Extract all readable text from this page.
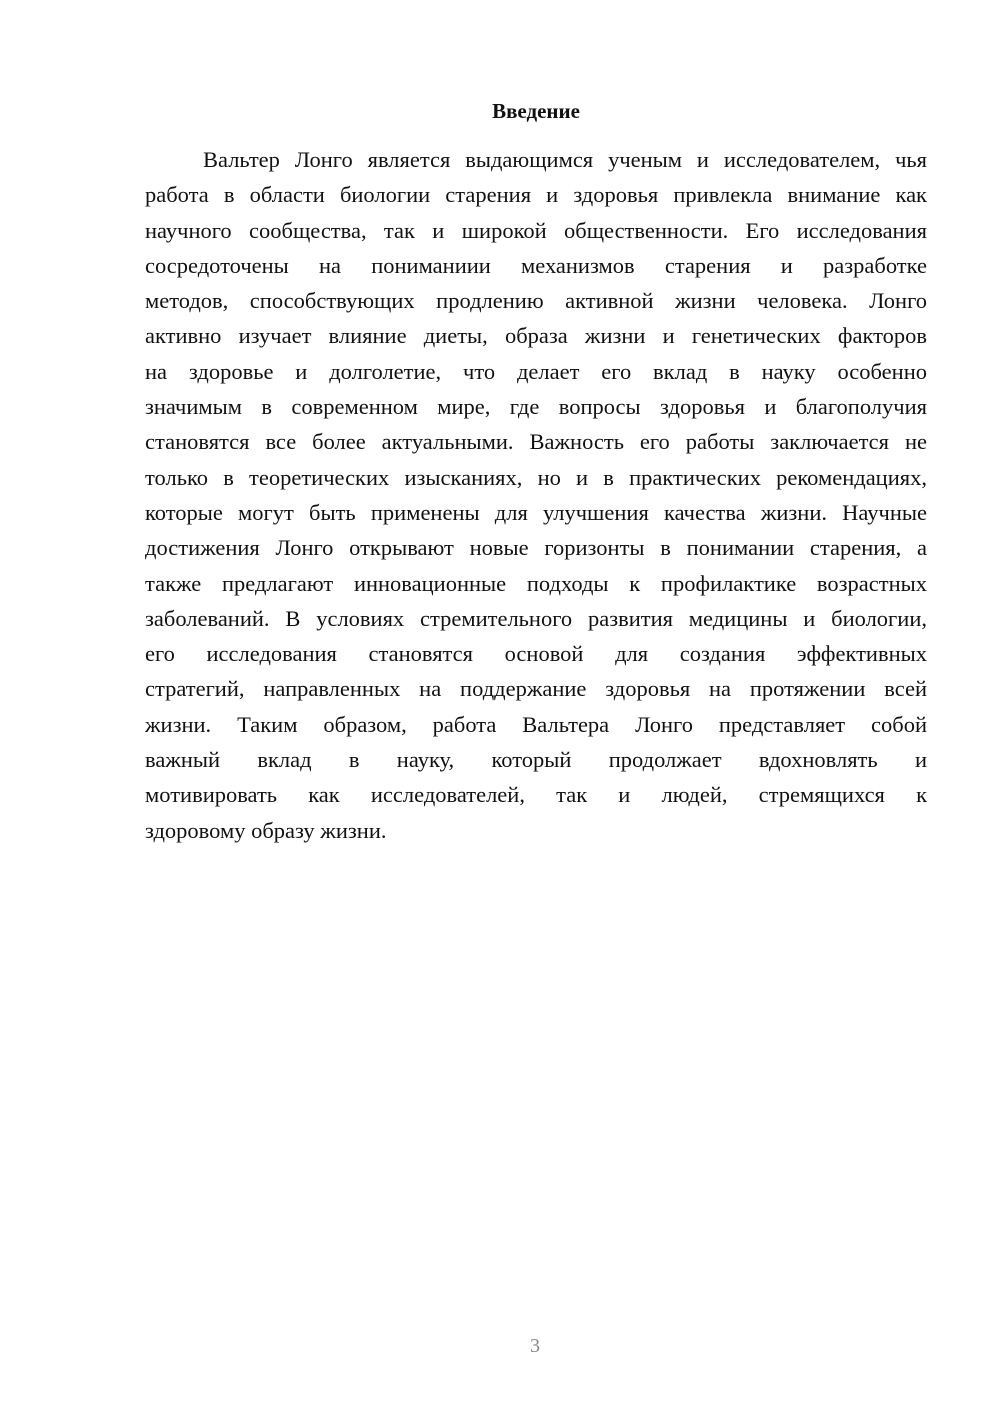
Введение
Вальтер Лонго является выдающимся ученым и исследователем, чья
работа в области биологии старения и здоровья привлекла внимание как
научного сообщества, так и широкой общественности. Его исследования
сосредоточены на пониманиии механизмов старения и разработке
методов, способствующих продлению активной жизни человека. Лонго
активно изучает влияние диеты, образа жизни и генетических факторов
на здоровье и долголетие, что делает его вклад в науку особенно
значимым в современном мире, где вопросы здоровья и благополучия
становятся все более актуальными. Важность его работы заключается не
только в теоретических изысканиях, но и в практических рекомендациях,
которые могут быть применены для улучшения качества жизни. Научные
достижения Лонго открывают новые горизонты в понимании старения, а
также предлагают инновационные подходы к профилактике возрастных
заболеваний. В условиях стремительного развития медицины и биологии,
его исследования становятся основой для создания эффективных
стратегий, направленных на поддержание здоровья на протяжении всей
жизни. Таким образом, работа Вальтера Лонго представляет собой
важный вклад в науку, который продолжает вдохновлять и
мотивировать как исследователей, так и людей, стремящихся к
здоровому образу жизни.
3
